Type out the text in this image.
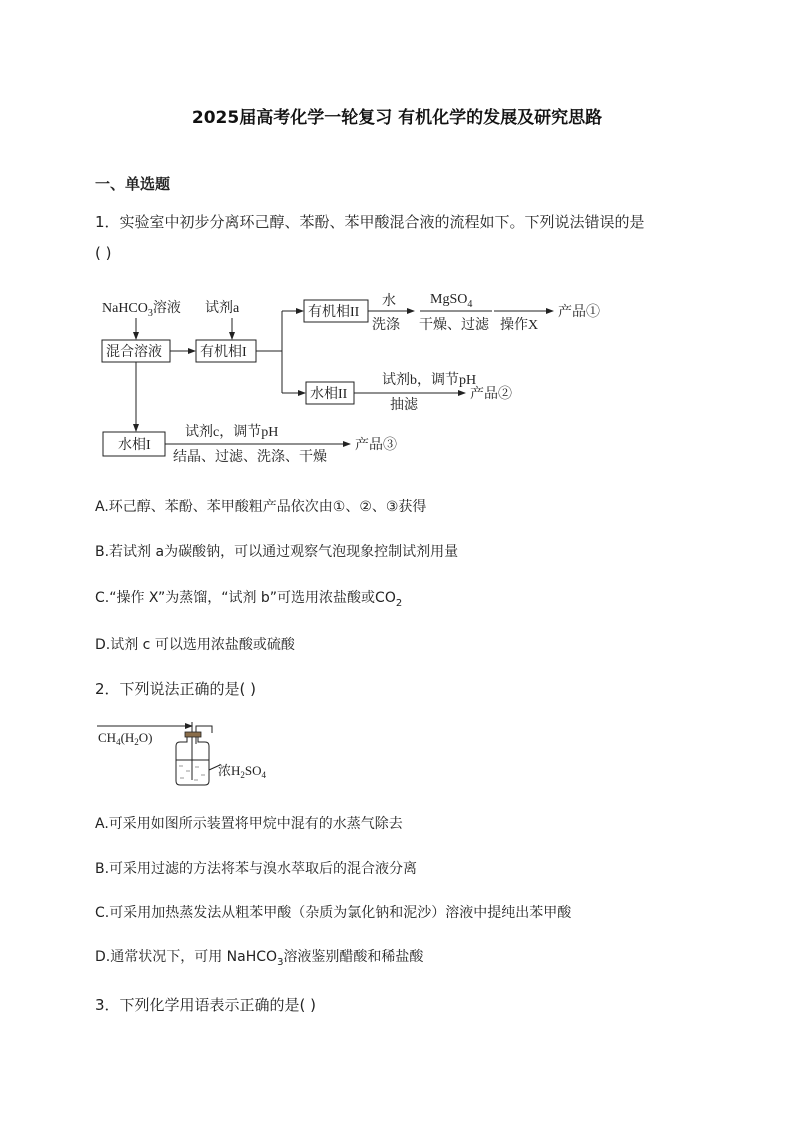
2025届高考化学一轮复习 有机化学的发展及研究思路
一、单选题
1．实验室中初步分离环己醇、苯酚、苯甲酸混合液的流程如下。下列说法错误的是
( )
NaHCO$_3$溶液 试剂a
混合溶液	有机相I
有机相II
水
洗涤
MgSO$_4$
干燥、过滤 操作X
产品①
水相II
试剂b，调节pH
抽滤
产品②
水相I
试剂c，调节pH
结晶、过滤、洗涤、干燥
产品③
A.环己醇、苯酚、苯甲酸粗产品依次由①、②、③获得
B.若试剂 a为碳酸钠，可以通过观察气泡现象控制试剂用量
C.“操作 X”为蒸馏，“试剂 b”可选用浓盐酸或$CO_2$
D.试剂 c 可以选用浓盐酸或硫酸
2．下列说法正确的是( )
$CH_4(H_2O)$
浓$H_2SO_4$
A.可采用如图所示装置将甲烷中混有的水蒸气除去
B.可采用过滤的方法将苯与溴水萃取后的混合液分离
C.可采用加热蒸发法从粗苯甲酸（杂质为氯化钠和泥沙）溶液中提纯出苯甲酸
D.通常状况下，可用 NaHCO$_3$溶液鉴别醋酸和稀盐酸
3．下列化学用语表示正确的是( )
